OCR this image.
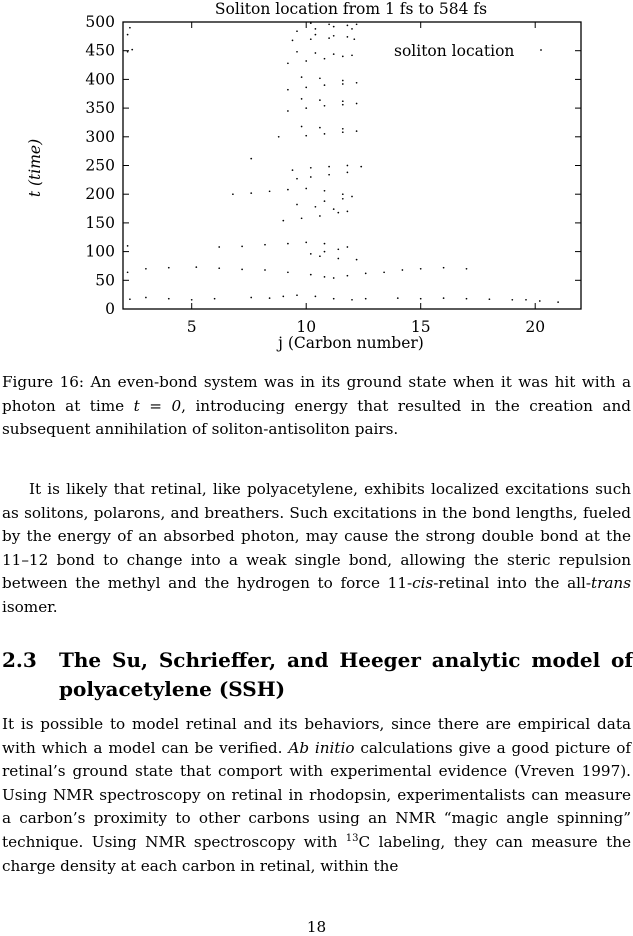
Soliton location from 1 fs to 584 fs
0
50
100
150
200
250
300
350
400
450
500
5	10	15	20
soliton location
t (time)
j (Carbon number)
Figure 16: An even-bond system was in its ground state when it was hit with a photon at time t = 0, introducing energy that resulted in the creation and subsequent annihilation of soliton-antisoliton pairs.

It is likely that retinal, like polyacetylene, exhibits localized excitations such as solitons, polarons, and breathers. Such excitations in the bond lengths, fueled by the energy of an absorbed photon, may cause the strong double bond at the 11–12 bond to change into a weak single bond, allowing the steric repulsion between the methyl and the hydrogen to force 11-cis-retinal into the all-trans isomer.

2.3 The Su, Schrieffer, and Heeger analytic model of polyacetylene (SSH)
It is possible to model retinal and its behaviors, since there are empirical data with which a model can be verified. Ab initio calculations give a good picture of retinal’s ground state that comport with experimental evidence (Vreven 1997). Using NMR spectroscopy on retinal in rhodopsin, experimentalists can measure a carbon’s proximity to other carbons using an NMR “magic angle spinning” technique. Using NMR spectroscopy with $^{13}$C labeling, they can measure the charge density at each carbon in retinal, within the
18
